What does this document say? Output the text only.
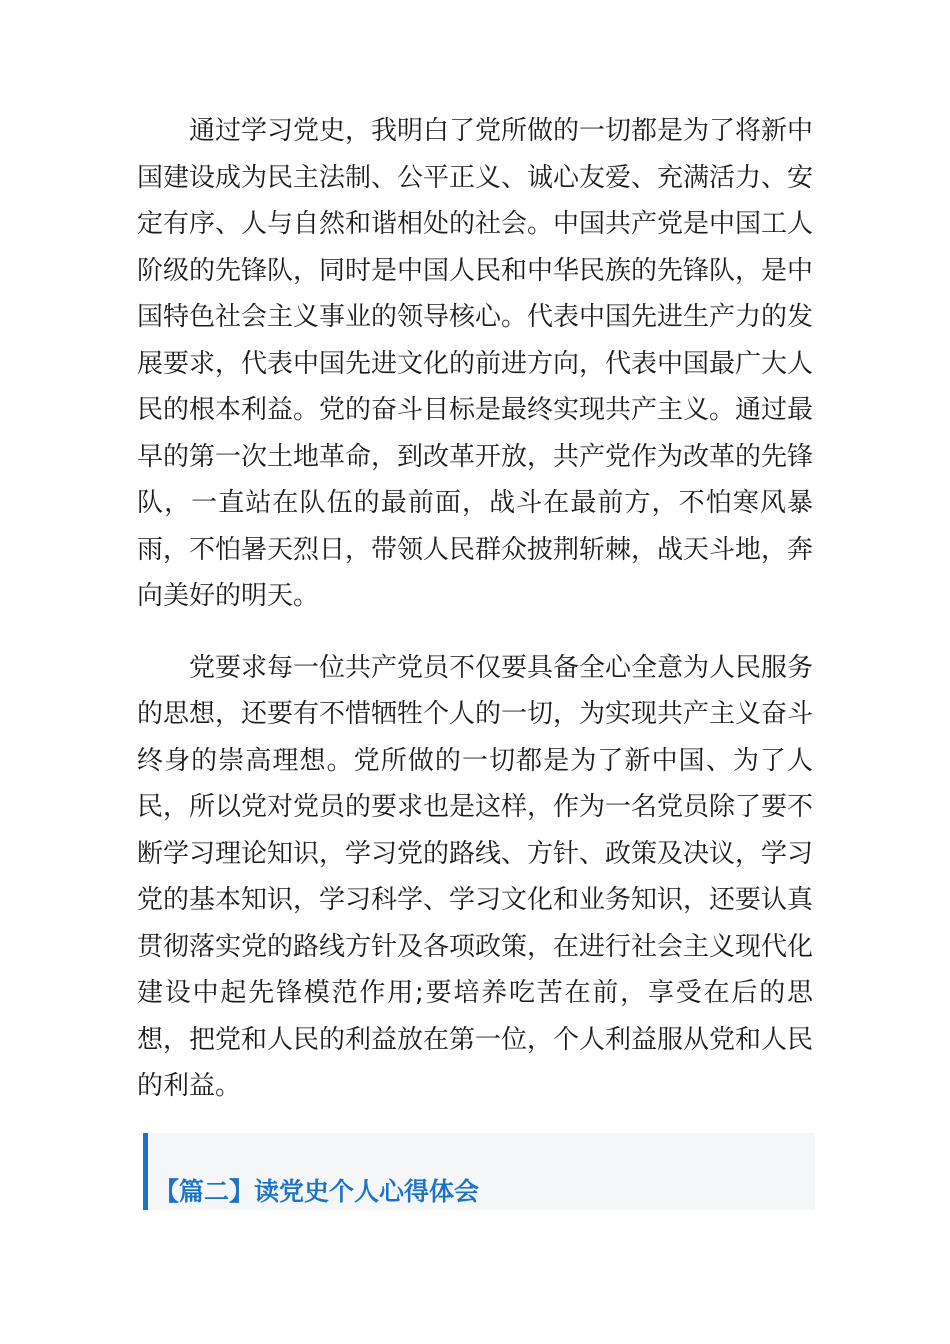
通过学习党史，我明白了党所做的一切都是为了将新中国建设成为民主法制、公平正义、诚心友爱、充满活力、安定有序、人与自然和谐相处的社会。中国共产党是中国工人阶级的先锋队，同时是中国人民和中华民族的先锋队，是中国特色社会主义事业的领导核心。代表中国先进生产力的发展要求，代表中国先进文化的前进方向，代表中国最广大人民的根本利益。党的奋斗目标是最终实现共产主义。通过最早的第一次土地革命，到改革开放，共产党作为改革的先锋队，一直站在队伍的最前面，战斗在最前方，不怕寒风暴雨，不怕暑天烈日，带领人民群众披荆斩棘，战天斗地，奔向美好的明天。

党要求每一位共产党员不仅要具备全心全意为人民服务的思想，还要有不惜牺牲个人的一切，为实现共产主义奋斗终身的崇高理想。党所做的一切都是为了新中国、为了人民，所以党对党员的要求也是这样，作为一名党员除了要不断学习理论知识，学习党的路线、方针、政策及决议，学习党的基本知识，学习科学、学习文化和业务知识，还要认真贯彻落实党的路线方针及各项政策，在进行社会主义现代化建设中起先锋模范作用;要培养吃苦在前，享受在后的思想，把党和人民的利益放在第一位，个人利益服从党和人民的利益。

【篇二】读党史个人心得体会
